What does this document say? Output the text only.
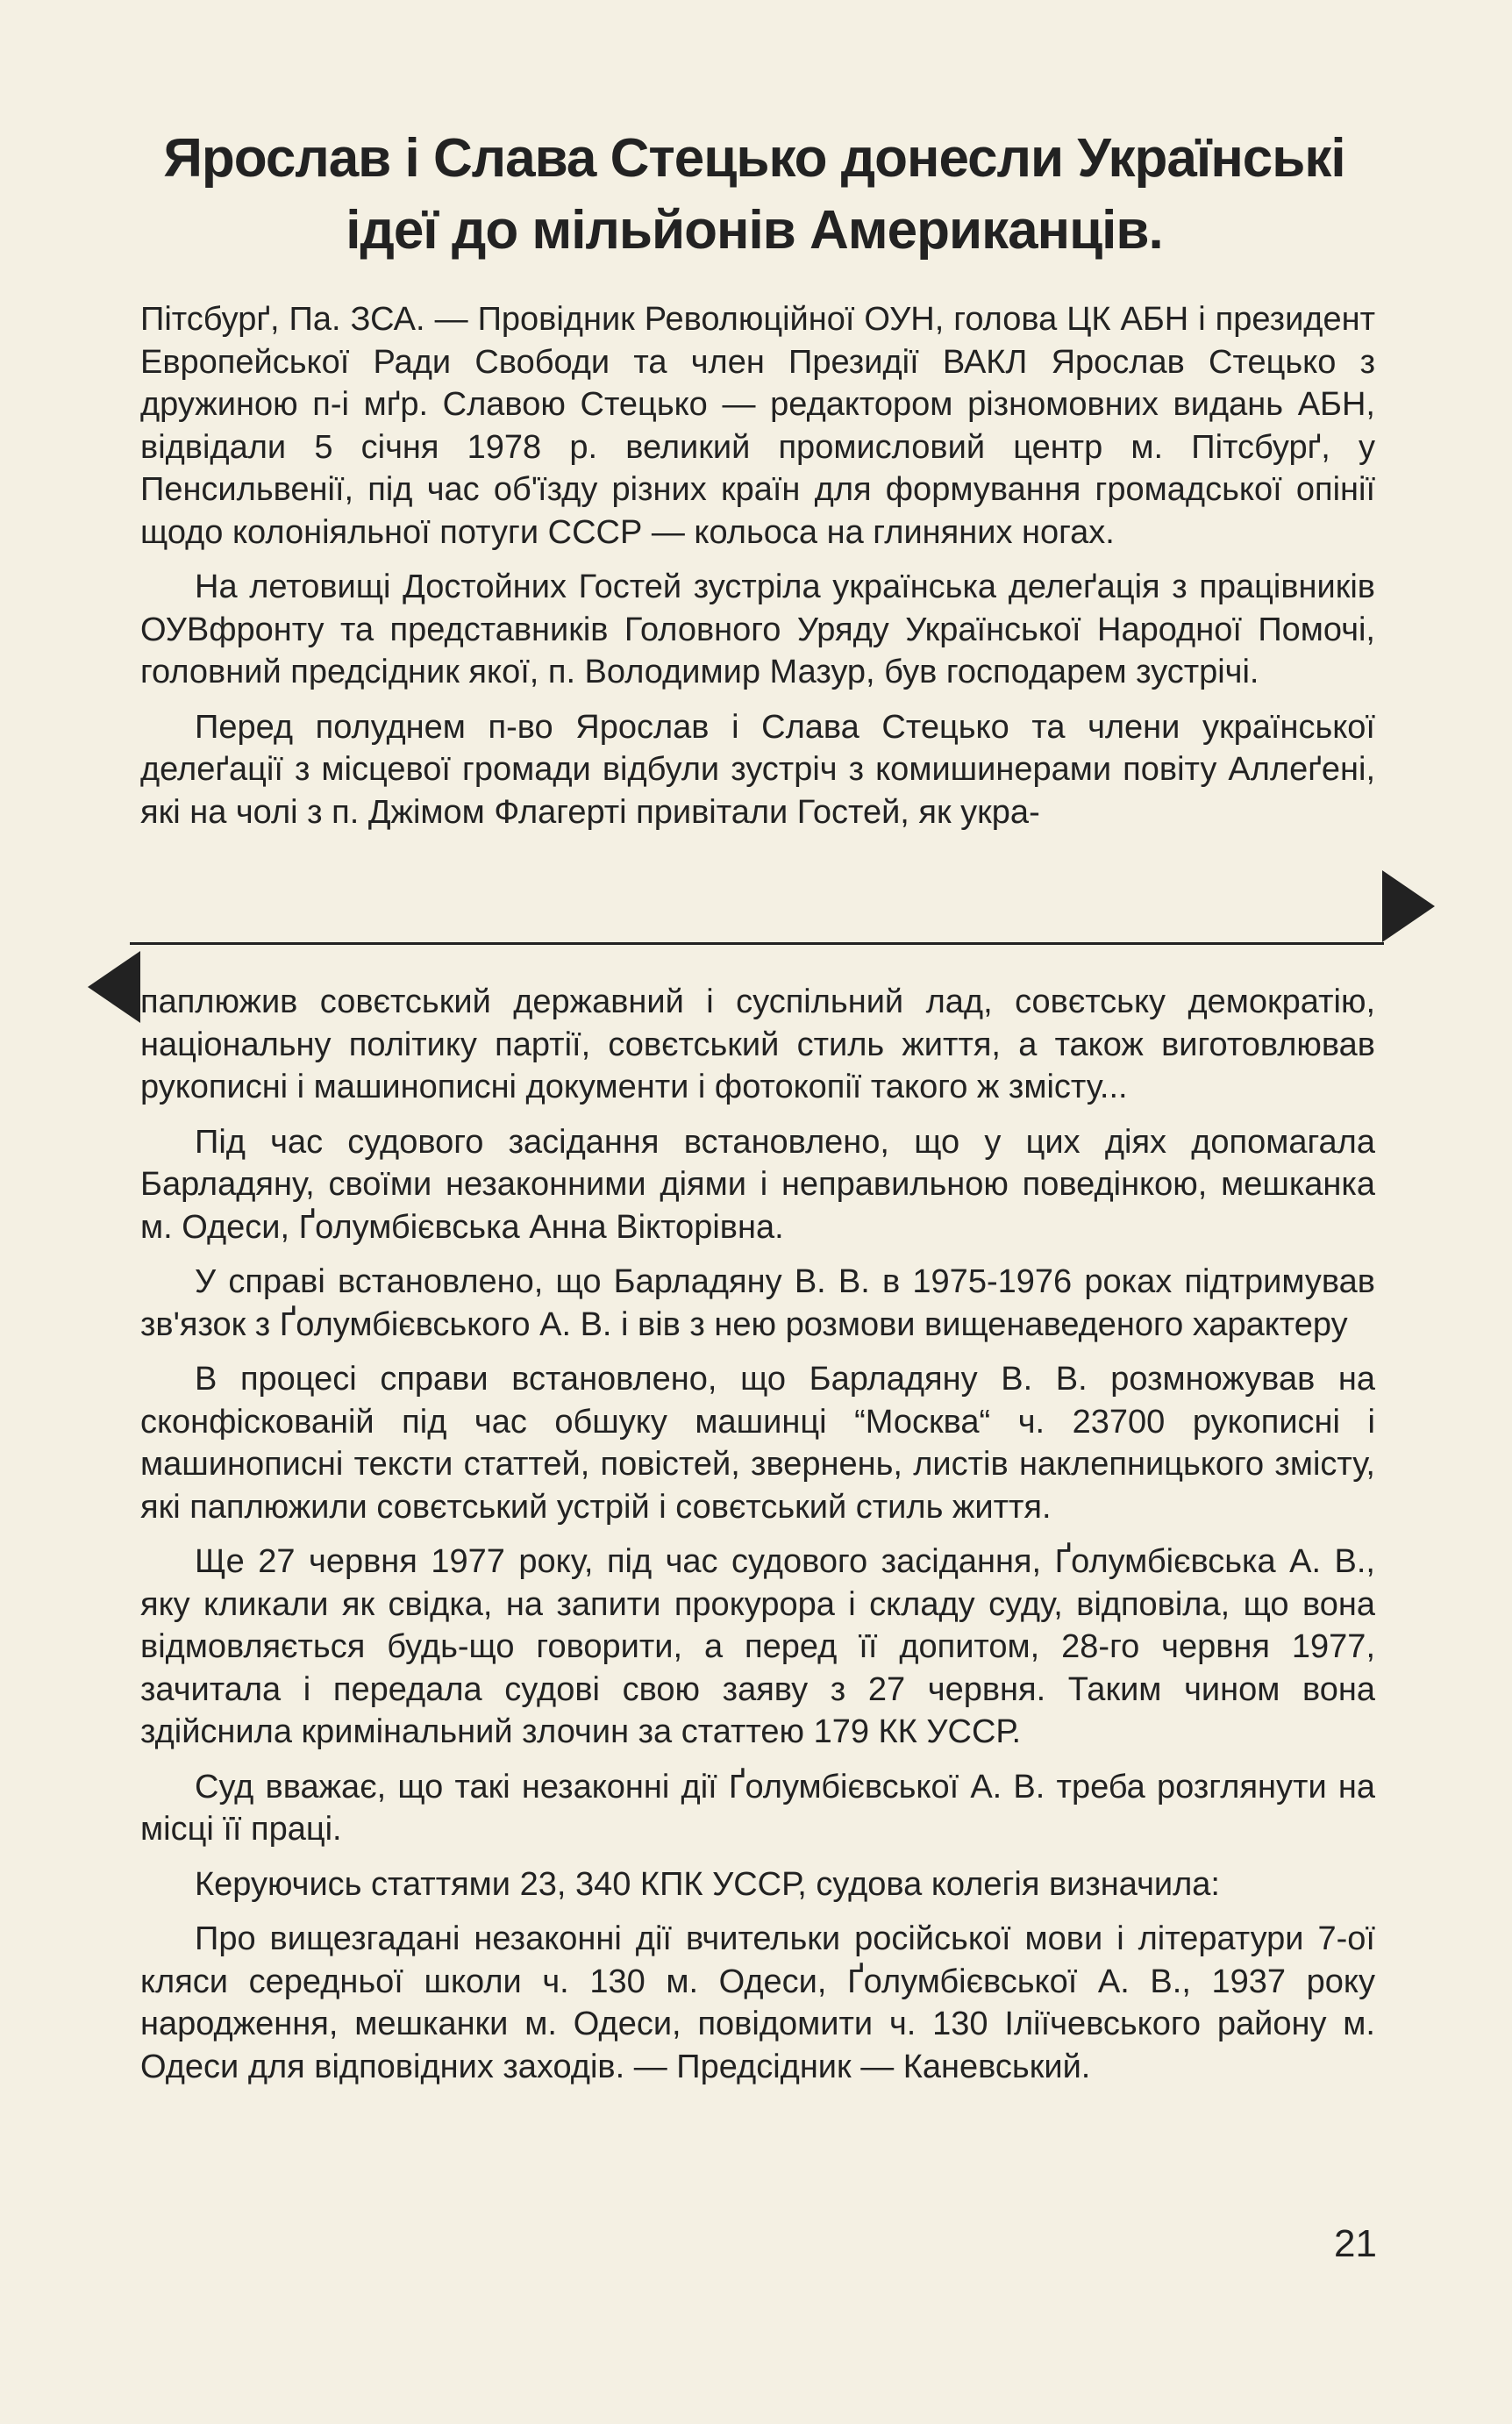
Ярослав і Слава Стецько донесли Українські
ідеї до мільйонів Американців.

Пітсбурґ, Па. ЗСА. — Провідник Революційної ОУН, голова ЦК АБН і президент Европейської Ради Свободи та член Президії ВАКЛ Ярослав Стецько з дружиною п-і мґр. Славою Стецько — редактором різномовних видань АБН, відвідали 5 січня 1978 р. великий промисловий центр м. Пітсбурґ, у Пенсильвенії, під час об'їзду різних країн для формування громадської опінії щодо колоніяльної потуги СССР — кольоса на глиняних ногах.

На летовищі Достойних Гостей зустріла українська делеґація з працівників ОУВфронту та представників Головного Уряду Української Народної Помочі, головний предсідник якої, п. Володимир Мазур, був господарем зустрічі.

Перед полуднем п-во Ярослав і Слава Стецько та члени української делеґації з місцевої громади відбули зустріч з комишинерами повіту Аллеґені, які на чолі з п. Джімом Флагерті привітали Гостей, як укра-

паплюжив совєтський державний і суспільний лад, совєтську демократію, національну політику партії, совєтський стиль життя, а також виготовлював рукописні і машинописні документи і фотокопії такого ж змісту...

Під час судового засідання встановлено, що у цих діях допомагала Барладяну, своїми незаконними діями і неправильною поведінкою, мешканка м. Одеси, Ґолумбієвська Анна Вікторівна.

У справі встановлено, що Барладяну В. В. в 1975-1976 роках підтримував зв'язок з Ґолумбієвського А. В. і вів з нею розмови вищенаведеного характеру

В процесі справи встановлено, що Барладяну В. В. розмножував на сконфіскованій під час обшуку машинці “Москва“ ч. 23700 рукописні і машинописні тексти статтей, повістей, звернень, листів наклепницького змісту, які паплюжили совєтський устрій і совєтський стиль життя.

Ще 27 червня 1977 року, під час судового засідання, Ґолумбієвська А. В., яку кликали як свідка, на запити прокурора і складу суду, відповіла, що вона відмовляється будь-що говорити, а перед її допитом, 28-го червня 1977, зачитала і передала судові свою заяву з 27 червня. Таким чином вона здійснила кримінальний злочин за статтею 179 КК УССР.

Суд вважає, що такі незаконні дії Ґолумбієвської А. В. треба розглянути на місці її праці.

Керуючись статтями 23, 340 КПК УССР, судова колегія визначила:

Про вищезгадані незаконні дії вчительки російської мови і літератури 7-ої кляси середньої школи ч. 130 м. Одеси, Ґолумбієвської А. В., 1937 року народження, мешканки м. Одеси, повідомити ч. 130 Іліїчевського району м. Одеси для відповідних заходів. — Предсідник — Каневський.

21
